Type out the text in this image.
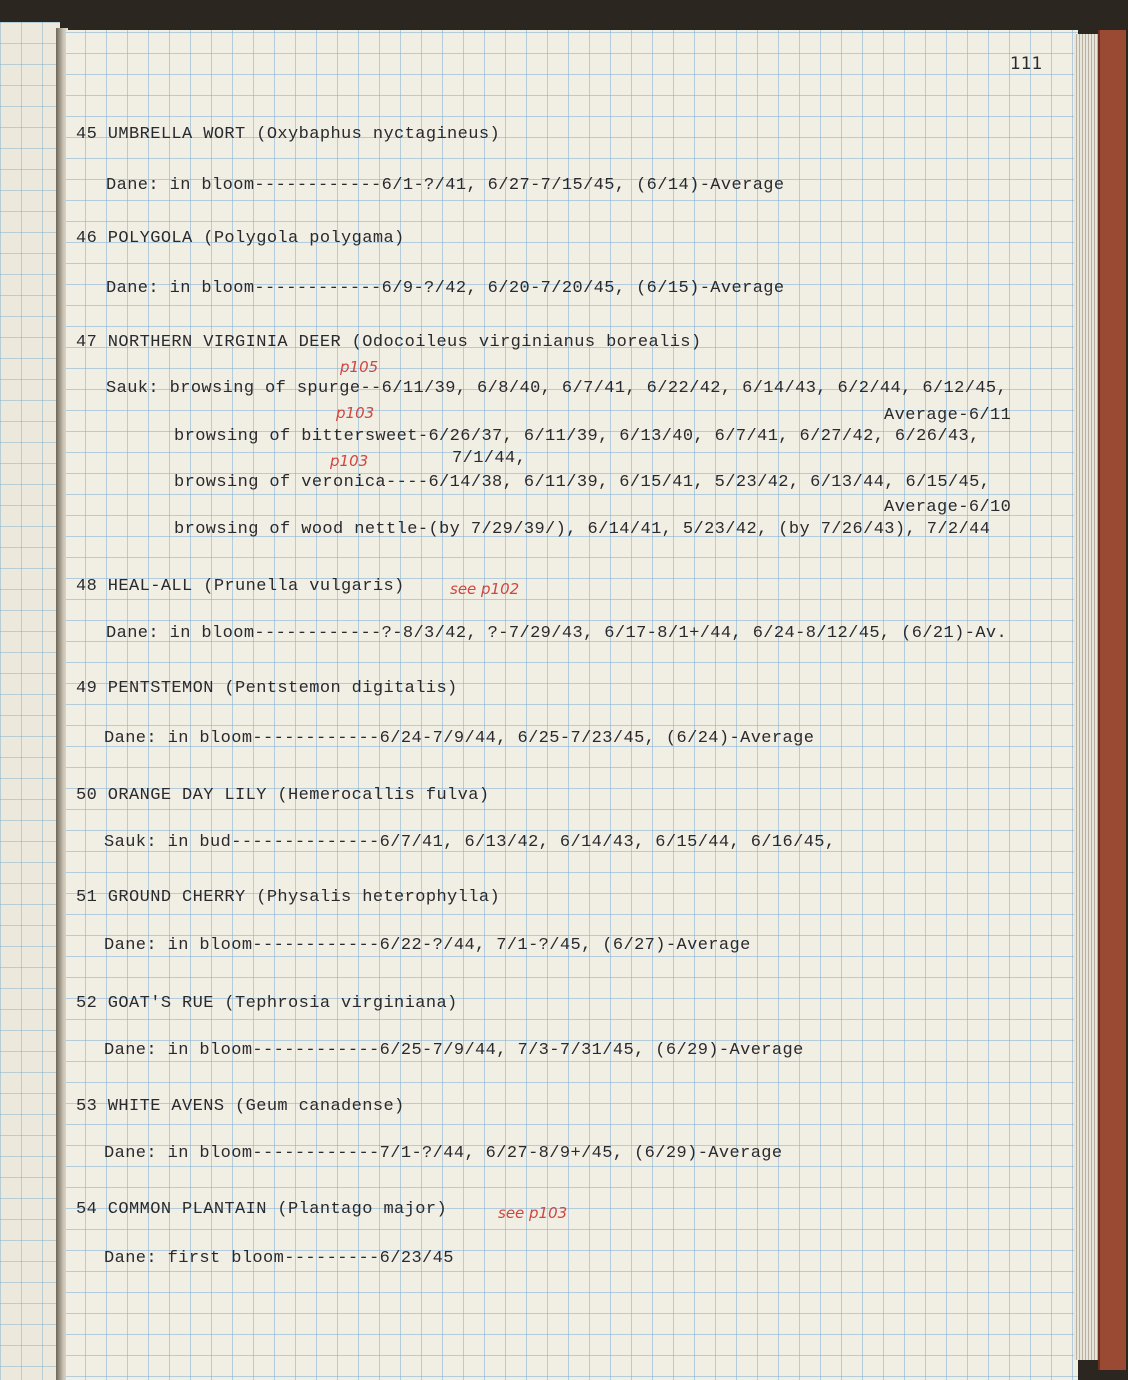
111
45 UMBRELLA WORT (Oxybaphus nyctagineus)
Dane: in bloom------------6/1-?/41, 6/27-7/15/45, (6/14)-Average
46 POLYGOLA (Polygola polygama)
Dane: in bloom------------6/9-?/42, 6/20-7/20/45, (6/15)-Average
47 NORTHERN VIRGINIA DEER (Odocoileus virginianus borealis)
p105
Sauk: browsing of spurge--6/11/39, 6/8/40, 6/7/41, 6/22/42, 6/14/43, 6/2/44, 6/12/45,
Average-6/11
p103
browsing of bittersweet-6/26/37, 6/11/39, 6/13/40, 6/7/41, 6/27/42, 6/26/43,
7/1/44,
p103
browsing of veronica----6/14/38, 6/11/39, 6/15/41, 5/23/42, 6/13/44, 6/15/45,
Average-6/10
browsing of wood nettle-(by 7/29/39/), 6/14/41, 5/23/42, (by 7/26/43), 7/2/44
48 HEAL-ALL (Prunella vulgaris)	see p102
Dane: in bloom------------?-8/3/42, ?-7/29/43, 6/17-8/1+/44, 6/24-8/12/45, (6/21)-Av.
49 PENTSTEMON (Pentstemon digitalis)
Dane: in bloom------------6/24-7/9/44, 6/25-7/23/45, (6/24)-Average
50 ORANGE DAY LILY (Hemerocallis fulva)
Sauk: in bud--------------6/7/41, 6/13/42, 6/14/43, 6/15/44, 6/16/45,
51 GROUND CHERRY (Physalis heterophylla)
Dane: in bloom------------6/22-?/44, 7/1-?/45, (6/27)-Average
52 GOAT'S RUE (Tephrosia virginiana)
Dane: in bloom------------6/25-7/9/44, 7/3-7/31/45, (6/29)-Average
53 WHITE AVENS (Geum canadense)
Dane: in bloom------------7/1-?/44, 6/27-8/9+/45, (6/29)-Average
54 COMMON PLANTAIN (Plantago major)	see p103
Dane: first bloom---------6/23/45
